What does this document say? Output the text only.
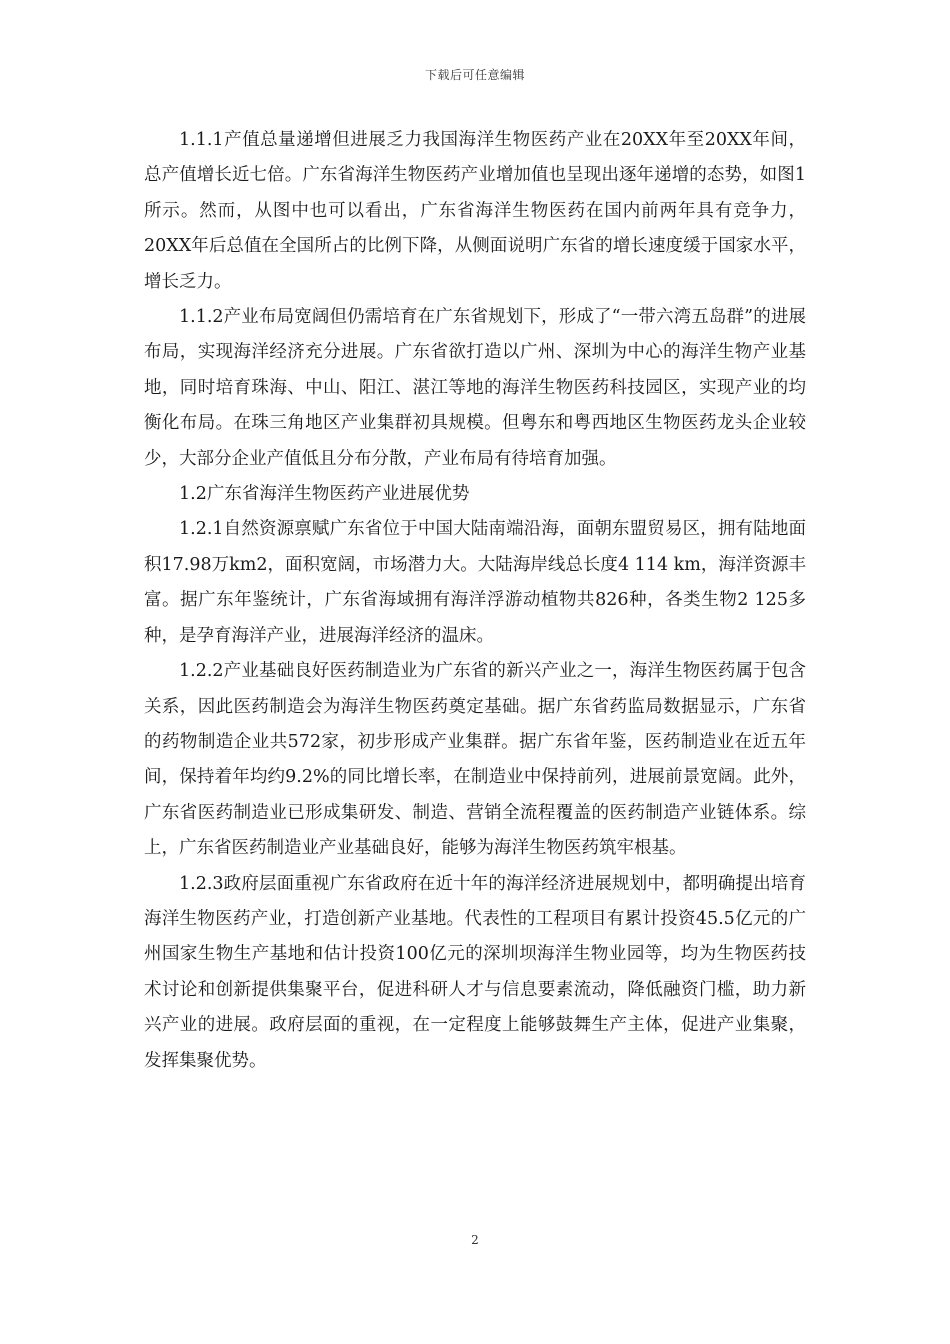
下载后可任意编辑

1.1.1产值总量递增但进展乏力我国海洋生物医药产业在20XX年至20XX年间，总产值增长近七倍。广东省海洋生物医药产业增加值也呈现出逐年递增的态势，如图1所示。然而，从图中也可以看出，广东省海洋生物医药在国内前两年具有竞争力，20XX年后总值在全国所占的比例下降，从侧面说明广东省的增长速度缓于国家水平，增长乏力。

1.1.2产业布局宽阔但仍需培育在广东省规划下，形成了“一带六湾五岛群”的进展布局，实现海洋经济充分进展。广东省欲打造以广州、深圳为中心的海洋生物产业基地，同时培育珠海、中山、阳江、湛江等地的海洋生物医药科技园区，实现产业的均衡化布局。在珠三角地区产业集群初具规模。但粤东和粤西地区生物医药龙头企业较少，大部分企业产值低且分布分散，产业布局有待培育加强。

1.2广东省海洋生物医药产业进展优势

1.2.1自然资源禀赋广东省位于中国大陆南端沿海，面朝东盟贸易区，拥有陆地面积17.98万km2，面积宽阔，市场潜力大。大陆海岸线总长度4 114 km，海洋资源丰富。据广东年鉴统计，广东省海域拥有海洋浮游动植物共826种，各类生物2 125多种，是孕育海洋产业，进展海洋经济的温床。

1.2.2产业基础良好医药制造业为广东省的新兴产业之一，海洋生物医药属于包含关系，因此医药制造会为海洋生物医药奠定基础。据广东省药监局数据显示，广东省的药物制造企业共572家，初步形成产业集群。据广东省年鉴，医药制造业在近五年间，保持着年均约9.2%的同比增长率，在制造业中保持前列，进展前景宽阔。此外，广东省医药制造业已形成集研发、制造、营销全流程覆盖的医药制造产业链体系。综上，广东省医药制造业产业基础良好，能够为海洋生物医药筑牢根基。

1.2.3政府层面重视广东省政府在近十年的海洋经济进展规划中，都明确提出培育海洋生物医药产业，打造创新产业基地。代表性的工程项目有累计投资45.5亿元的广州国家生物生产基地和估计投资100亿元的深圳坝海洋生物业园等，均为生物医药技术讨论和创新提供集聚平台，促进科研人才与信息要素流动，降低融资门槛，助力新兴产业的进展。政府层面的重视，在一定程度上能够鼓舞生产主体，促进产业集聚，发挥集聚优势。

2
